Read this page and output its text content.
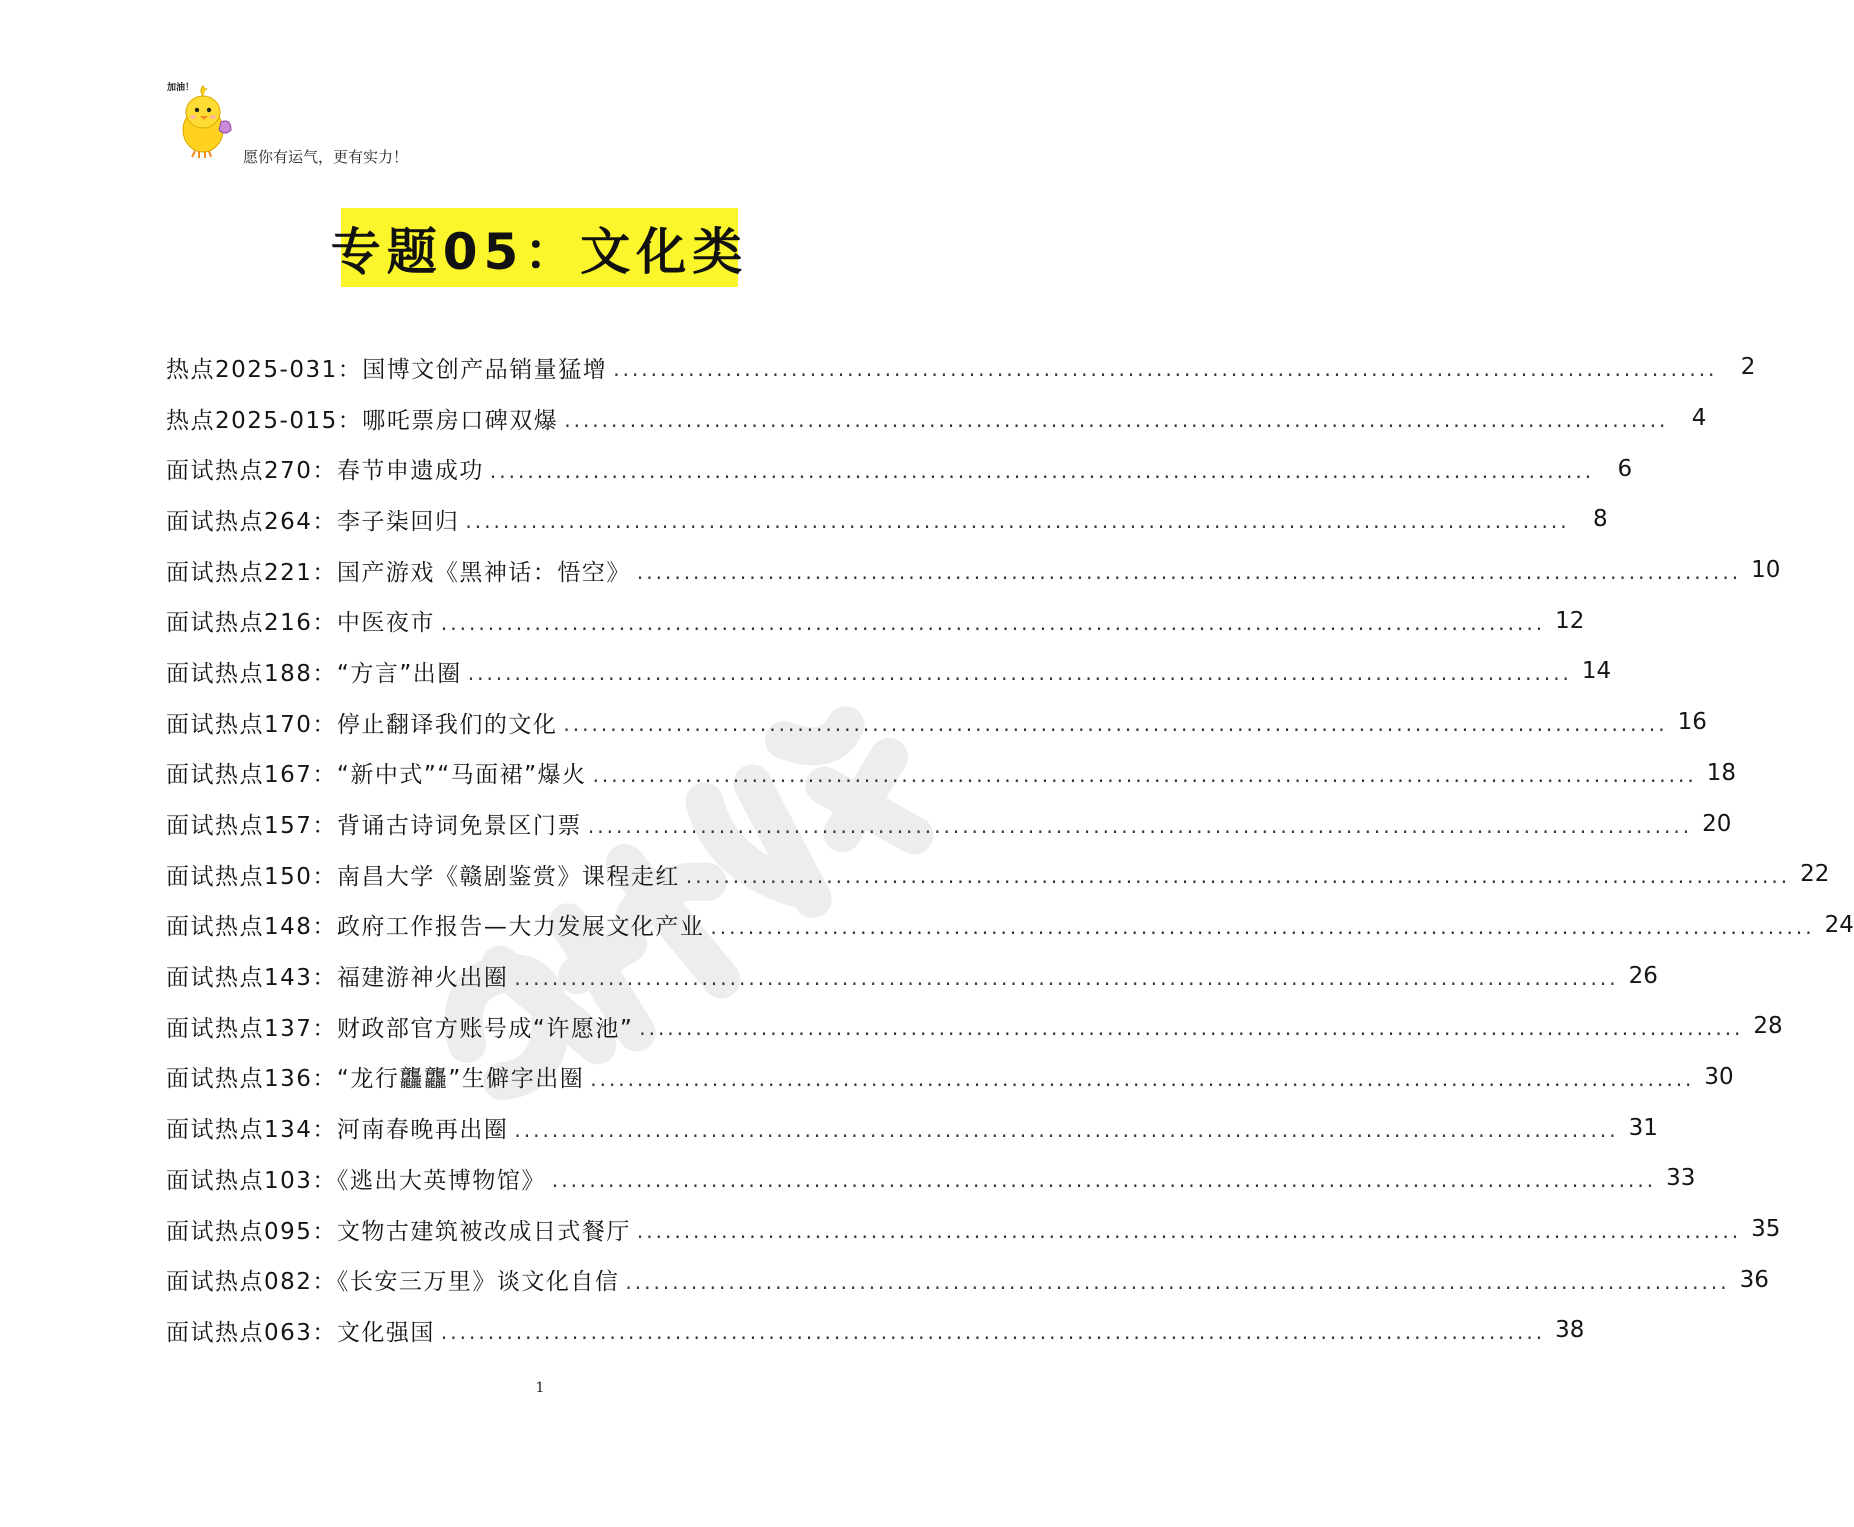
加油！
愿你有运气，更有实力！
专题05：文化类
热点2025-031：国博文创产品销量猛增 ......................................................................................................................	2
热点2025-015：哪吒票房口碑双爆 ......................................................................................................................	4
面试热点270：春节申遗成功 ......................................................................................................................	6
面试热点264：李子柒回归 ......................................................................................................................	8
面试热点221：国产游戏《黑神话：悟空》 ...................................................................................................................... 10
面试热点216：中医夜市 ...................................................................................................................... 12
面试热点188：“方言”出圈 ...................................................................................................................... 14
面试热点170：停止翻译我们的文化 ...................................................................................................................... 16
面试热点167：“新中式”“马面裙”爆火 ...................................................................................................................... 18
面试热点157：背诵古诗词免景区门票 ...................................................................................................................... 20
面试热点150：南昌大学《赣剧鉴赏》课程走红 ...................................................................................................................... 22
面试热点148：政府工作报告—大力发展文化产业 ...................................................................................................................... 24
面试热点143：福建游神火出圈 ...................................................................................................................... 26
面试热点137：财政部官方账号成“许愿池” ...................................................................................................................... 28
面试热点136：“龙行龘龘”生僻字出圈 ...................................................................................................................... 30
面试热点134：河南春晚再出圈 ...................................................................................................................... 31
面试热点103：《逃出大英博物馆》 ...................................................................................................................... 33
面试热点095：文物古建筑被改成日式餐厅 ...................................................................................................................... 35
面试热点082：《长安三万里》谈文化自信 ...................................................................................................................... 36
面试热点063：文化强国 ...................................................................................................................... 38
1
